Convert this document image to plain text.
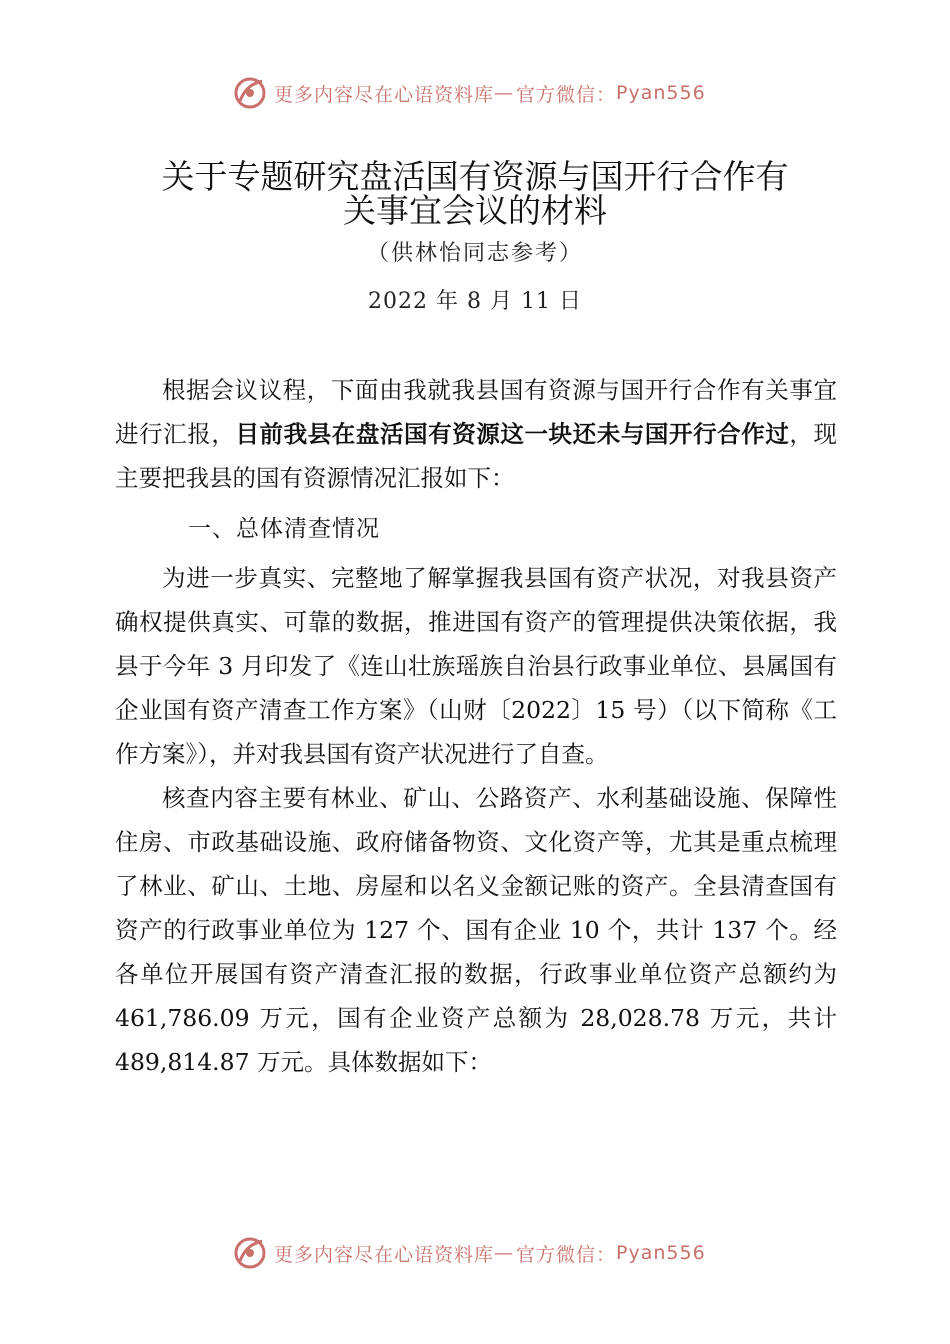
更多内容尽在心语资料库 — 官方微信： Pyan556
关于专题研究盘活国有资源与国开行合作有
关事宜会议的材料
（供林怡同志参考）
2022 年 8 月 11 日

根据会议议程，下面由我就我县国有资源与国开行合作有关事宜进行汇报，目前我县在盘活国有资源这一块还未与国开行合作过，现主要把我县的国有资源情况汇报如下：

一、总体清查情况

为进一步真实、完整地了解掌握我县国有资产状况，对我县资产确权提供真实、可靠的数据，推进国有资产的管理提供决策依据，我县于今年 3 月印发了《连山壮族瑶族自治县行政事业单位、县属国有企业国有资产清查工作方案》（山财〔2022〕15 号）（以下简称《工作方案》），并对我县国有资产状况进行了自查。

核查内容主要有林业、矿山、公路资产、水利基础设施、保障性住房、市政基础设施、政府储备物资、文化资产等，尤其是重点梳理了林业、矿山、土地、房屋和以名义金额记账的资产。全县清查国有资产的行政事业单位为 127 个、国有企业 10 个，共计 137 个。经各单位开展国有资产清查汇报的数据，行政事业单位资产总额约为 461,786.09 万元，国有企业资产总额为 28,028.78 万元，共计 489,814.87 万元。具体数据如下：

更多内容尽在心语资料库 — 官方微信： Pyan556
